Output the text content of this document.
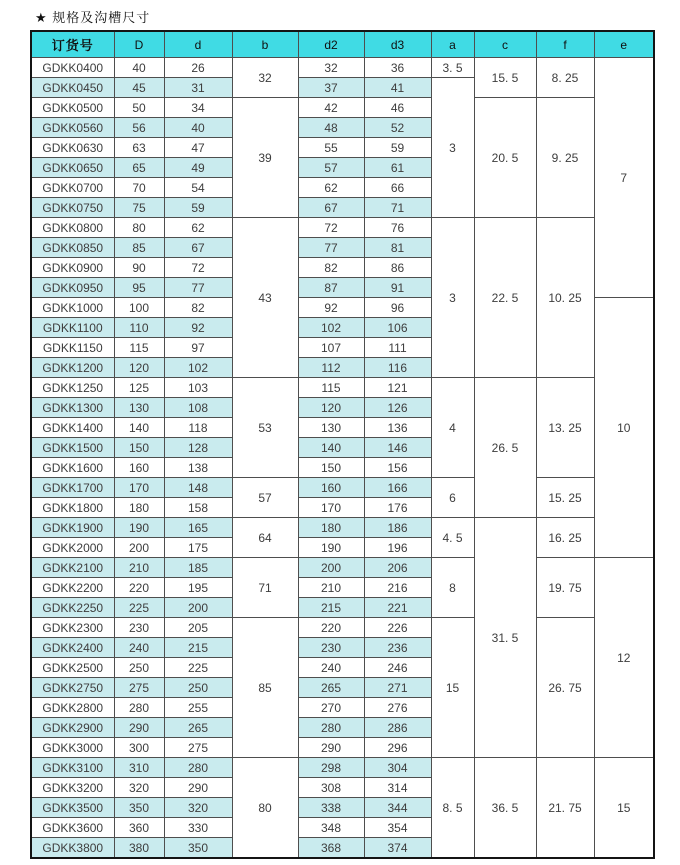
★ 规格及沟槽尺寸
订货号	D	d	b	d2	d3	a	c	f	e
GDKK0400	40	26	32	32	36	3. 5	15. 5	8. 25	7
GDKK0450	45	31		37	41	3			
GDKK0500	50	34	39	42	46		20. 5	9. 25	
GDKK0560	56	40		48	52				
GDKK0630	63	47		55	59				
GDKK0650	65	49		57	61				
GDKK0700	70	54		62	66				
GDKK0750	75	59		67	71				
GDKK0800	80	62	43	72	76	3	22. 5	10. 25	
GDKK0850	85	67		77	81				
GDKK0900	90	72		82	86				
GDKK0950	95	77		87	91				
GDKK1000	100	82		92	96				10
GDKK1100	110	92		102	106				
GDKK1150	115	97		107	111				
GDKK1200	120	102		112	116				
GDKK1250	125	103	53	115	121	4	26. 5	13. 25	
GDKK1300	130	108		120	126				
GDKK1400	140	118		130	136				
GDKK1500	150	128		140	146				
GDKK1600	160	138		150	156				
GDKK1700	170	148	57	160	166	6		15. 25	
GDKK1800	180	158		170	176				
GDKK1900	190	165	64	180	186	4. 5	31. 5	16. 25	
GDKK2000	200	175		190	196				
GDKK2100	210	185	71	200	206	8		19. 75	12
GDKK2200	220	195		210	216				
GDKK2250	225	200		215	221				
GDKK2300	230	205	85	220	226	15		26. 75	
GDKK2400	240	215		230	236				
GDKK2500	250	225		240	246				
GDKK2750	275	250		265	271				
GDKK2800	280	255		270	276				
GDKK2900	290	265		280	286				
GDKK3000	300	275		290	296				
GDKK3100	310	280	80	298	304	8. 5	36. 5	21. 75	15
GDKK3200	320	290		308	314				
GDKK3500	350	320		338	344				
GDKK3600	360	330		348	354				
GDKK3800	380	350		368	374				
